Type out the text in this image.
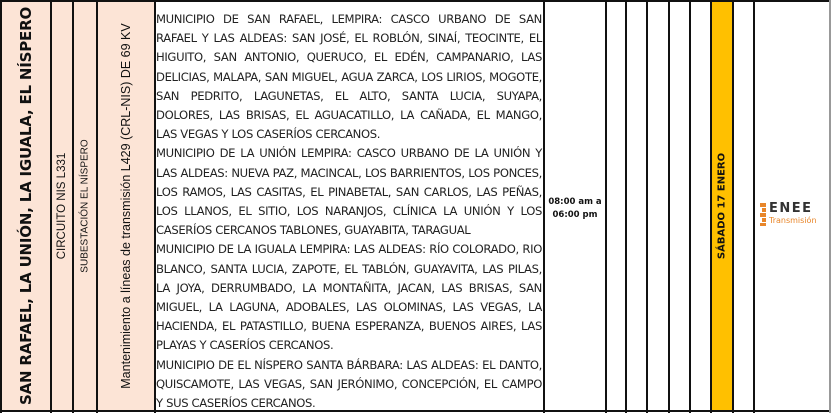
SAN RAFAEL, LA UNIÓN, LA IGUALA, EL NÍSPERO CIRCUITO NIS L331 SUBESTACIÓN EL NÍSPERO Mantenimiento a líneas de transmisión L429 (CRL-NIS) DE 69 KV

MUNICIPIO DE SAN RAFAEL, LEMPIRA: CASCO URBANO DE SAN RAFAEL Y LAS ALDEAS: SAN JOSÉ, EL ROBLÓN, SINAÍ, TEOCINTE, EL HIGUITO, SAN ANTONIO, QUERUCO, EL EDÉN, CAMPANARIO, LAS DELICIAS, MALAPA, SAN MIGUEL, AGUA ZARCA, LOS LIRIOS, MOGOTE, SAN PEDRITO, LAGUNETAS, EL ALTO, SANTA LUCIA, SUYAPA, DOLORES, LAS BRISAS, EL AGUACATILLO, LA CAÑADA, EL MANGO, LAS VEGAS Y LOS CASERÍOS CERCANOS.

MUNICIPIO DE LA UNIÓN LEMPIRA: CASCO URBANO DE LA UNIÓN Y LAS ALDEAS: NUEVA PAZ, MACINCAL, LOS BARRIENTOS, LOS PONCES, LOS RAMOS, LAS CASITAS, EL PINABETAL, SAN CARLOS, LAS PEÑAS, LOS LLANOS, EL SITIO, LOS NARANJOS, CLÍNICA LA UNIÓN Y LOS CASERÍOS CERCANOS TABLONES, GUAYABITA, TARAGUAL

MUNICIPIO DE LA IGUALA LEMPIRA: LAS ALDEAS: RÍO COLORADO, RIO BLANCO, SANTA LUCIA, ZAPOTE, EL TABLÓN, GUAYAVITA, LAS PILAS, LA JOYA, DERRUMBADO, LA MONTAÑITA, JACAN, LAS BRISAS, SAN MIGUEL, LA LAGUNA, ADOBALES, LAS OLOMINAS, LAS VEGAS, LA HACIENDA, EL PATASTILLO, BUENA ESPERANZA, BUENOS AIRES, LAS PLAYAS Y CASERÍOS CERCANOS.

MUNICIPIO DE EL NÍSPERO SANTA BÁRBARA: LAS ALDEAS: EL DANTO, QUISCAMOTE, LAS VEGAS, SAN JERÓNIMO, CONCEPCIÓN, EL CAMPO Y SUS CASERÍOS CERCANOS.

08:00 am a
06:00 pm	SÁBADO 17 ENERO	ENEE
Transmisión
